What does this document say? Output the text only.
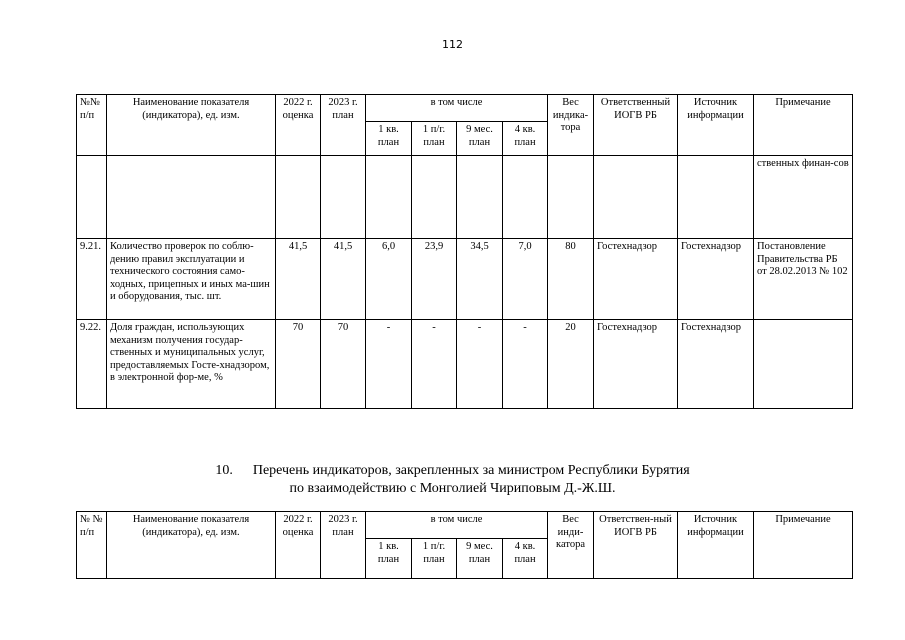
112
№№ п/п	Наименование показателя (индикатора), ед. изм.	2022 г. оценка	2023 г. план	в том числе				Вес индика-тора	Ответственный ИОГВ РБ	Источник информации	Примечание
				1 кв. план	1 п/г. план	9 мес. план	4 кв. план				
											ственных финан-сов
9.21.	Количество проверок по соблю-дению правил эксплуатации и технического состояния само-ходных, прицепных и иных ма-шин и оборудования, тыс. шт.	41,5	41,5	6,0	23,9	34,5	7,0	80	Гостехнадзор	Гостехнадзор	Постановление Правительства РБ от 28.02.2013 № 102
9.22.	Доля граждан, использующих механизм получения государ-ственных и муниципальных услуг, предоставляемых Госте-хнадзором, в электронной фор-ме, %	70	70	-	-	-	-	20	Гостехнадзор	Гостехнадзор	
10. Перечень индикаторов, закрепленных за министром Республики Бурятия
по взаимодействию с Монголией Чириповым Д.-Ж.Ш.
№ № п/п	Наименование показателя (индикатора), ед. изм.	2022 г. оценка	2023 г. план	в том числе				Вес инди-катора	Ответствен-ный ИОГВ РБ	Источник информации	Примечание
				1 кв. план	1 п/г. план	9 мес. план	4 кв. план				
